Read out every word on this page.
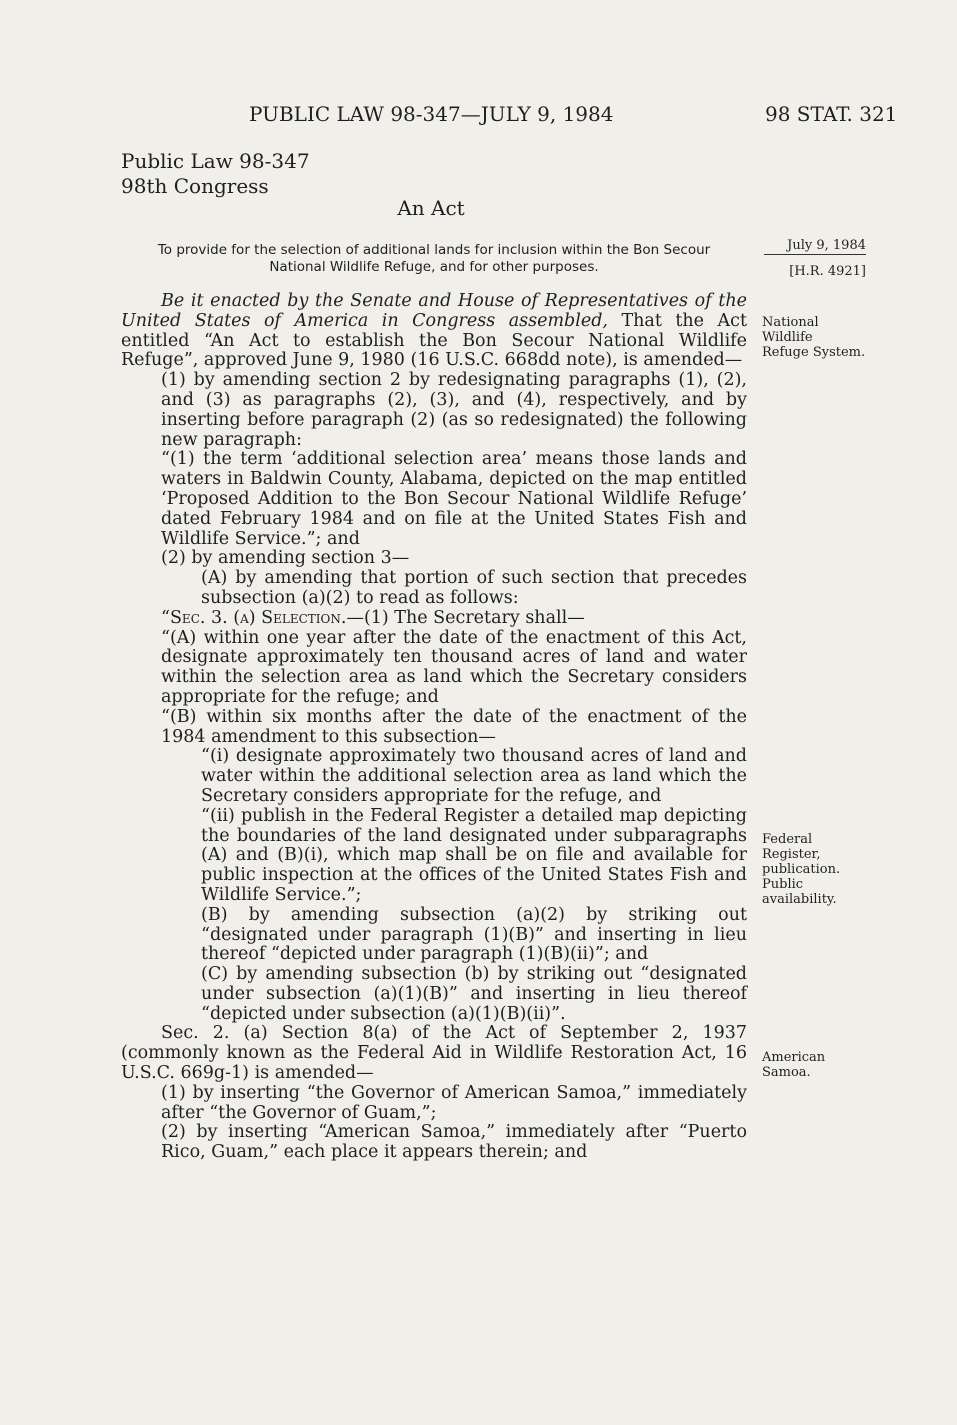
PUBLIC LAW 98-347—JULY 9, 1984	98 STAT. 321
Public Law 98-347
98th Congress
An Act
To provide for the selection of additional lands for inclusion within the Bon Secour
National Wildlife Refuge, and for other purposes.
July 9, 1984
[H.R. 4921]
National
Wildlife
Refuge System.
Federal
Register,
publication.
Public
availability.
American
Samoa.

Be it enacted by the Senate and House of Representatives of the United States of America in Congress assembled, That the Act entitled “An Act to establish the Bon Secour National Wildlife Refuge”, approved June 9, 1980 (16 U.S.C. 668dd note), is amended—

(1) by amending section 2 by redesignating paragraphs (1), (2), and (3) as paragraphs (2), (3), and (4), respectively, and by inserting before paragraph (2) (as so redesignated) the following new paragraph:

“(1) the term ‘additional selection area’ means those lands and waters in Baldwin County, Alabama, depicted on the map entitled ‘Proposed Addition to the Bon Secour National Wildlife Refuge’ dated February 1984 and on file at the United States Fish and Wildlife Service.”; and

(2) by amending section 3—

(A) by amending that portion of such section that precedes subsection (a)(2) to read as follows:

“Sec. 3. (a) Selection.—(1) The Secretary shall—

“(A) within one year after the date of the enactment of this Act, designate approximately ten thousand acres of land and water within the selection area as land which the Secretary considers appropriate for the refuge; and

“(B) within six months after the date of the enactment of the 1984 amendment to this subsection—

“(i) designate approximately two thousand acres of land and water within the additional selection area as land which the Secretary considers appropriate for the refuge, and

“(ii) publish in the Federal Register a detailed map depicting the boundaries of the land designated under subparagraphs (A) and (B)(i), which map shall be on file and available for public inspection at the offices of the United States Fish and Wildlife Service.”;

(B) by amending subsection (a)(2) by striking out “designated under paragraph (1)(B)” and inserting in lieu thereof “depicted under paragraph (1)(B)(ii)”; and

(C) by amending subsection (b) by striking out “designated under subsection (a)(1)(B)” and inserting in lieu thereof “depicted under subsection (a)(1)(B)(ii)”.

Sec. 2. (a) Section 8(a) of the Act of September 2, 1937 (commonly known as the Federal Aid in Wildlife Restoration Act, 16 U.S.C. 669g-1) is amended—

(1) by inserting “the Governor of American Samoa,” immediately after “the Governor of Guam,”;

(2) by inserting “American Samoa,” immediately after “Puerto Rico, Guam,” each place it appears therein; and
